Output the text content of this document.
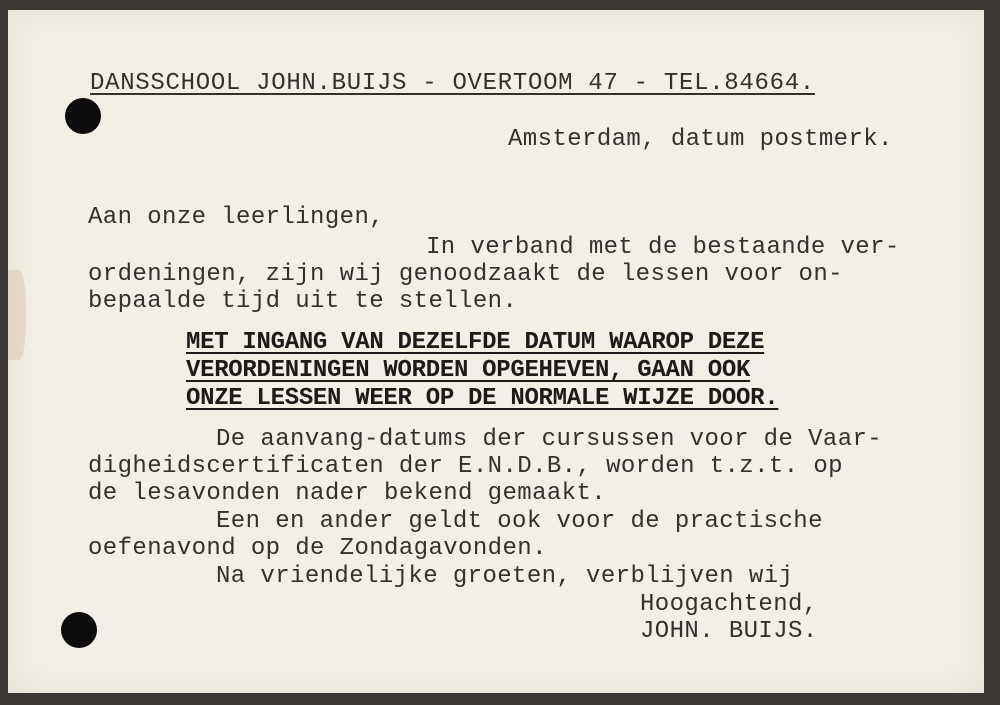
DANSSCHOOL JOHN.BUIJS - OVERTOOM 47 - TEL.84664.
Amsterdam, datum postmerk.
Aan onze leerlingen,
In verband met de bestaande ver-
ordeningen, zijn wij genoodzaakt de lessen voor on-
bepaalde tijd uit te stellen.
MET INGANG VAN DEZELFDE DATUM WAAROP DEZE
VERORDENINGEN WORDEN OPGEHEVEN, GAAN OOK
ONZE LESSEN WEER OP DE NORMALE WIJZE DOOR.
De aanvang-datums der cursussen voor de Vaar-
digheidscertificaten der E.N.D.B., worden t.z.t. op
de lesavonden nader bekend gemaakt.
Een en ander geldt ook voor de practische
oefenavond op de Zondagavonden.
Na vriendelijke groeten, verblijven wij
Hoogachtend,
JOHN. BUIJS.
